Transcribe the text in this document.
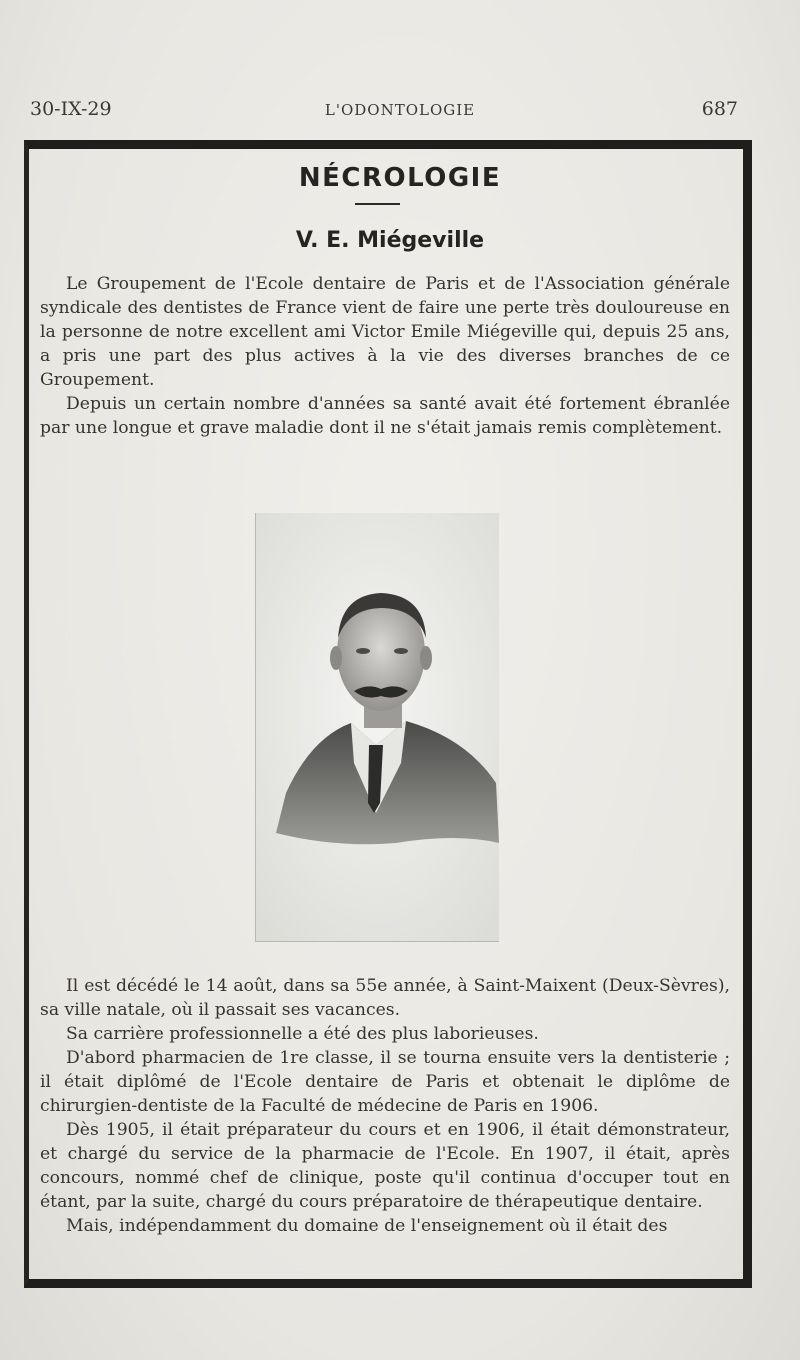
30-IX-29	L'ODONTOLOGIE	687
NÉCROLOGIE
V. E. Miégeville

Le Groupement de l'Ecole dentaire de Paris et de l'Association générale syndicale des dentistes de France vient de faire une perte très douloureuse en la personne de notre excellent ami Victor Emile Miégeville qui, depuis 25 ans, a pris une part des plus actives à la vie des diverses branches de ce Groupement.

Depuis un certain nombre d'années sa santé avait été fortement ébranlée par une longue et grave maladie dont il ne s'était jamais remis complètement.

Il est décédé le 14 août, dans sa 55e année, à Saint-Maixent (Deux-Sèvres), sa ville natale, où il passait ses vacances.

Sa carrière professionnelle a été des plus laborieuses.

D'abord pharmacien de 1re classe, il se tourna ensuite vers la dentisterie ; il était diplômé de l'Ecole dentaire de Paris et obtenait le diplôme de chirurgien-dentiste de la Faculté de médecine de Paris en 1906.

Dès 1905, il était préparateur du cours et en 1906, il était démonstrateur, et chargé du service de la pharmacie de l'Ecole. En 1907, il était, après concours, nommé chef de clinique, poste qu'il continua d'occuper tout en étant, par la suite, chargé du cours préparatoire de thérapeutique dentaire.

Mais, indépendamment du domaine de l'enseignement où il était des
